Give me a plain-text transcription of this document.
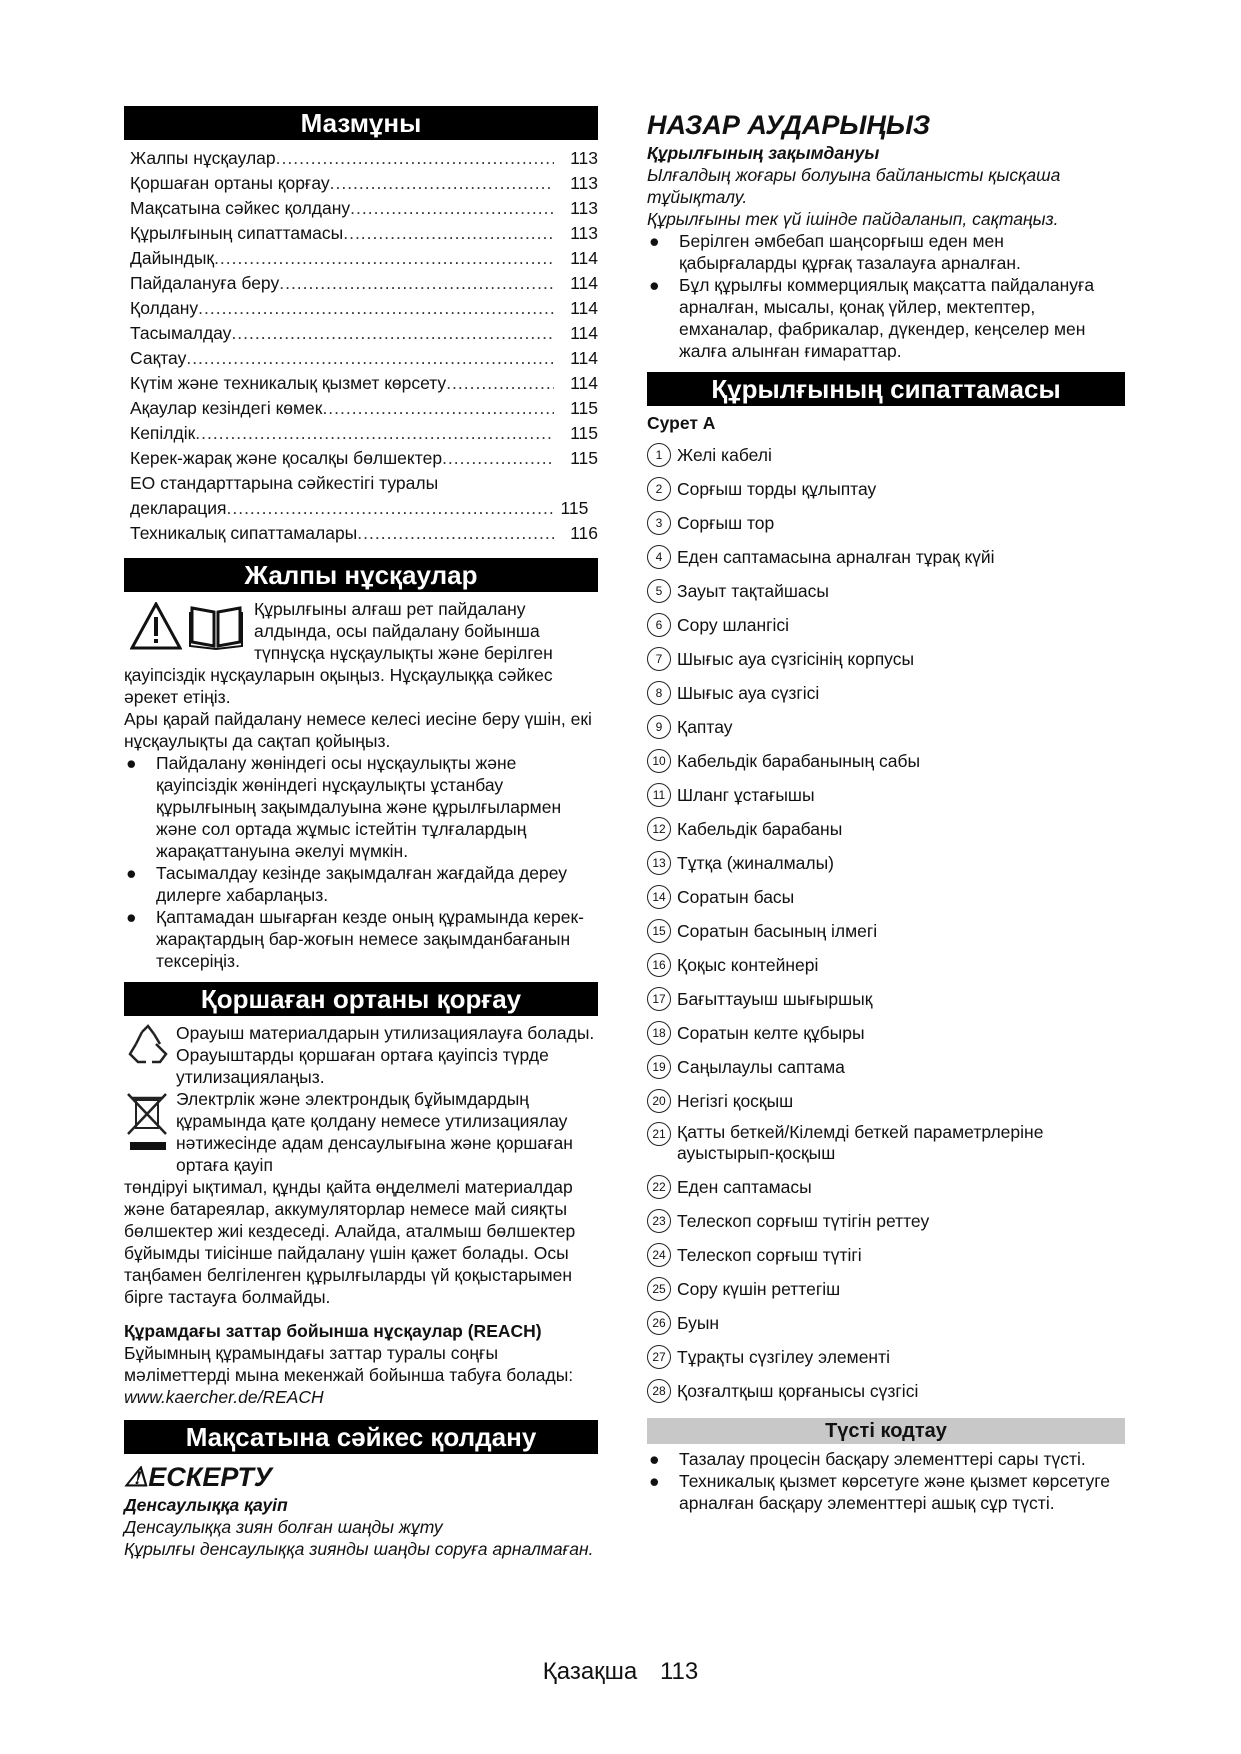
Мазмұны
Жалпы нұсқаулар .....	113
Қоршаған ортаны қорғау .....	113
Мақсатына сәйкес қолдану .....	113
Құрылғының сипаттамасы .....	113
Дайындық .....	114
Пайдалануға беру .....	114
Қолдану .....	114
Тасымалдау .....	114
Сақтау .....	114
Күтім және техникалық қызмет көрсету .....	114
Ақаулар кезіндегі көмек .....	115
Кепілдік .....	115
Керек-жарақ және қосалқы бөлшектер .....	115
ЕО стандарттарына сәйкестігі туралы
декларация .....	115
Техникалық сипаттамалары .....	116
Жалпы нұсқаулар
Құрылғыны алғаш рет пайдалану
алдында, осы пайдалану бойынша
түпнұсқа нұсқаулықты және берілген

қауіпсіздік нұсқауларын оқыңыз. Нұсқаулыққа сәйкес әрекет етіңіз.

Ары қарай пайдалану немесе келесі иесіне беру үшін, екі нұсқаулықты да сақтап қойыңыз.

●	Пайдалану жөніндегі осы нұсқаулықты және қауіпсіздік жөніндегі нұсқаулықты ұстанбау құрылғының зақымдалуына және құрылғылармен және сол ортада жұмыс істейтін тұлғалардың жарақаттануына әкелуі мүмкін.
●	Тасымалдау кезінде зақымдалған жағдайда дереу дилерге хабарлаңыз.
●	Қаптамадан шығарған кезде оның құрамында керек-жарақтардың бар-жоғын немесе зақымданбағанын тексеріңіз.
Қоршаған ортаны қорғау

Орауыш материалдарын утилизациялауға болады. Орауыштарды қоршаған ортаға қауіпсіз түрде утилизациялаңыз.

Электрлік және электрондық бұйымдардың құрамында қате қолдану немесе утилизациялау нәтижесінде адам денсаулығына және қоршаған ортаға қауіп

төндіруі ықтимал, құнды қайта өңделмелі материалдар және батареялар, аккумуляторлар немесе май сияқты бөлшектер жиі кездеседі. Алайда, аталмыш бөлшектер бұйымды тиісінше пайдалану үшін қажет болады. Осы таңбамен белгіленген құрылғыларды үй қоқыстарымен бірге тастауға болмайды.

Құрамдағы заттар бойынша нұсқаулар (REACH)

Бұйымның құрамындағы заттар туралы соңғы мәліметтерді мына мекенжай бойынша табуға болады: www.kaercher.de/REACH

Мақсатына сәйкес қолдану
⚠ЕСКЕРТУ

Денсаулыққа қауіп

Денсаулыққа зиян болған шаңды жұту

Құрылғы денсаулыққа зиянды шаңды соруға арналмаған.

НАЗАР АУДАРЫҢЫЗ

Құрылғының зақымдануы

Ылғалдың жоғары болуына байланысты қысқаша тұйықталу.

Құрылғыны тек үй ішінде пайдаланып, сақтаңыз.

●	Берілген әмбебап шаңсорғыш еден мен қабырғаларды құрғақ тазалауға арналған.
●	Бұл құрылғы коммерциялық мақсатта пайдалануға арналған, мысалы, қонақ үйлер, мектептер, емханалар, фабрикалар, дүкендер, кеңселер мен жалға алынған ғимараттар.
Құрылғының сипаттамасы

Сурет A

1 Желі кабелі
2 Сорғыш торды құлыптау
3 Сорғыш тор
4 Еден саптамасына арналған тұрақ күйі
5 Зауыт тақтайшасы
6 Сору шлангісі
7 Шығыс ауа сүзгісінің корпусы
8 Шығыс ауа сүзгісі
9 Қаптау
10 Кабельдік барабанының сабы
11 Шланг ұстағышы
12 Кабельдік барабаны
13 Тұтқа (жиналмалы)
14 Соратын басы
15 Соратын басының ілмегі
16 Қоқыс контейнері
17 Бағыттауыш шығыршық
18 Соратын келте құбыры
19 Саңылаулы саптама
20 Негізгі қосқыш
21 Қатты беткей/Кілемді беткей параметрлеріне ауыстырып-қосқыш
22 Еден саптамасы
23 Телескоп сорғыш түтігін реттеу
24 Телескоп сорғыш түтігі
25 Сору күшін реттегіш
26 Буын
27 Тұрақты сүзгілеу элементі
28 Қозғалтқыш қорғанысы сүзгісі
Түсті кодтау
●	Тазалау процесін басқару элементтері сары түсті.
●	Техникалық қызмет көрсетуге және қызмет көрсетуге арналған басқару элементтері ашық сұр түсті.
Қазақша 113
